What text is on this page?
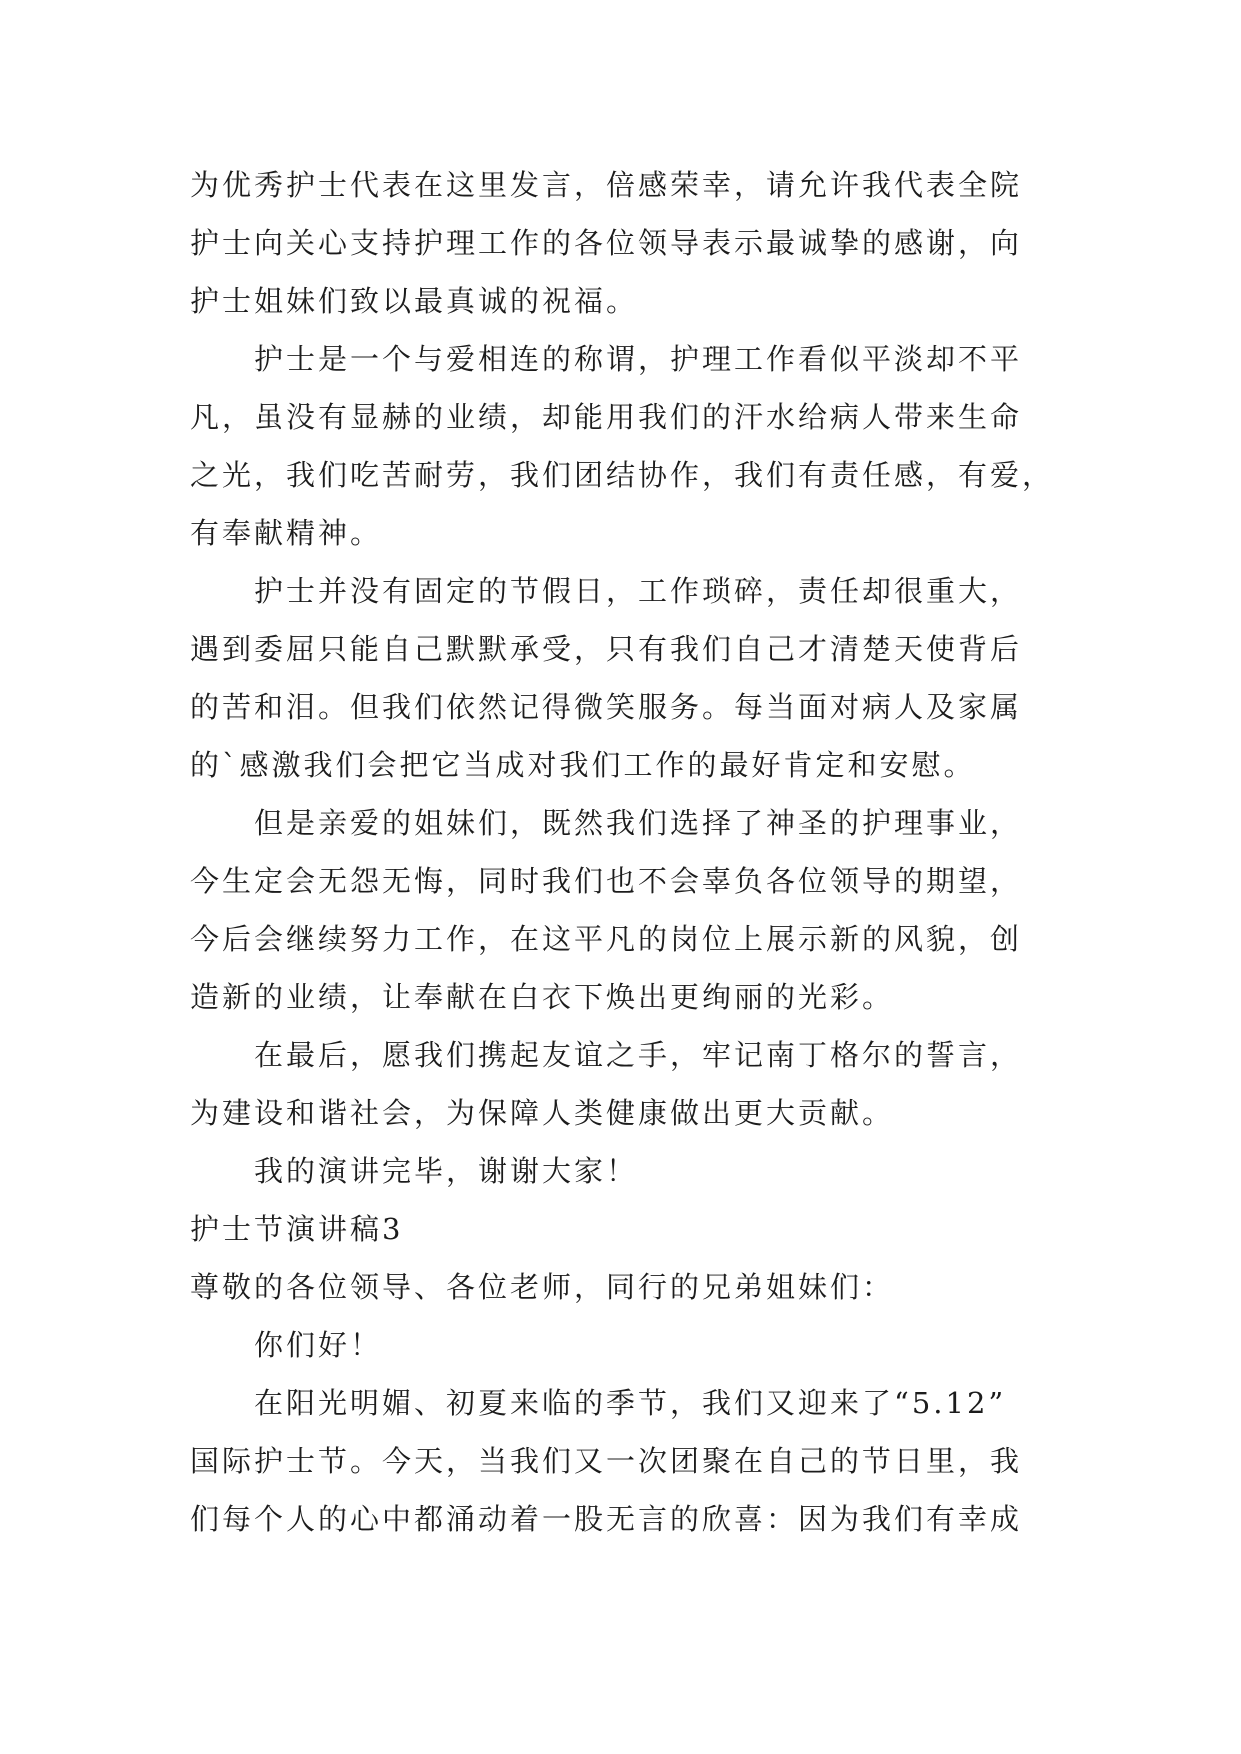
为优秀护士代表在这里发言，倍感荣幸，请允许我代表全院
护士向关心支持护理工作的各位领导表示最诚挚的感谢，向
护士姐妹们致以最真诚的祝福。
护士是一个与爱相连的称谓，护理工作看似平淡却不平
凡，虽没有显赫的业绩，却能用我们的汗水给病人带来生命
之光，我们吃苦耐劳，我们团结协作，我们有责任感，有爱，
有奉献精神。
护士并没有固定的节假日，工作琐碎，责任却很重大，
遇到委屈只能自己默默承受，只有我们自己才清楚天使背后
的苦和泪。但我们依然记得微笑服务。每当面对病人及家属
的`感激我们会把它当成对我们工作的最好肯定和安慰。
但是亲爱的姐妹们，既然我们选择了神圣的护理事业，
今生定会无怨无悔，同时我们也不会辜负各位领导的期望，
今后会继续努力工作，在这平凡的岗位上展示新的风貌，创
造新的业绩，让奉献在白衣下焕出更绚丽的光彩。
在最后，愿我们携起友谊之手，牢记南丁格尔的誓言，
为建设和谐社会，为保障人类健康做出更大贡献。
我的演讲完毕，谢谢大家！
护士节演讲稿3
尊敬的各位领导、各位老师，同行的兄弟姐妹们：
你们好！
在阳光明媚、初夏来临的季节，我们又迎来了“5.12”
国际护士节。今天，当我们又一次团聚在自己的节日里，我
们每个人的心中都涌动着一股无言的欣喜：因为我们有幸成
